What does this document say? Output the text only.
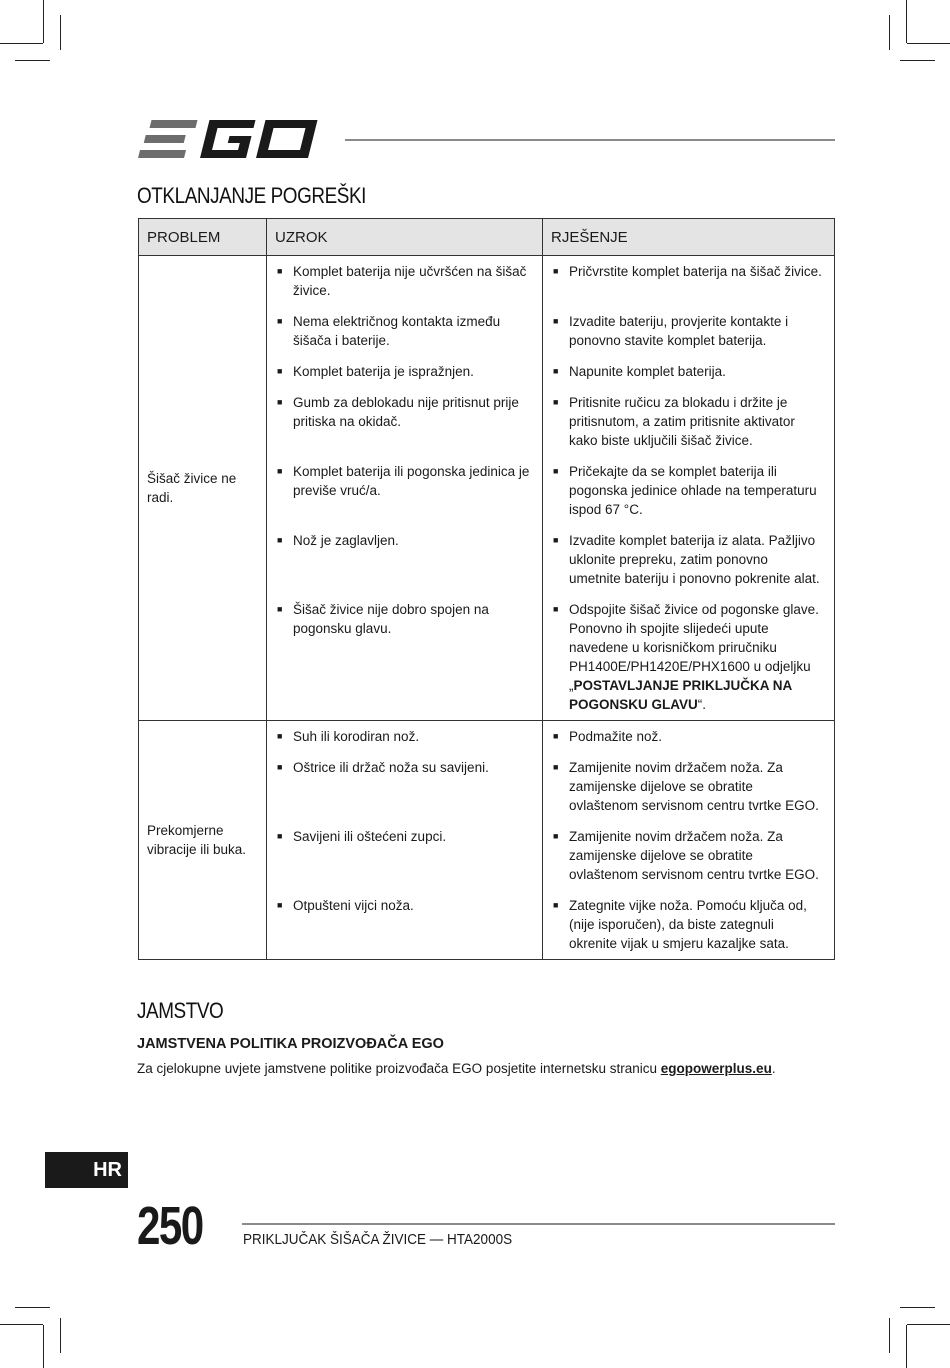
OTKLANJANJE POGREŠKI
PROBLEM	UZROK	RJEŠENJE
Šišač živice ne radi.	■ Komplet baterija nije učvršćen na šišač živice.	■ Pričvrstite komplet baterija na šišač živice.

	■ Nema električnog kontakta između šišača i baterije.	■ Izvadite bateriju, provjerite kontakte i ponovno stavite komplet baterija.

	■ Komplet baterija je ispražnjen.	■ Napunite komplet baterija.

	■ Gumb za deblokadu nije pritisnut prije pritiska na okidač.	■ Pritisnite ručicu za blokadu i držite je pritisnutom, a zatim pritisnite aktivator kako biste uključili šišač živice.

	■ Komplet baterija ili pogonska jedinica je previše vruć/a.	■ Pričekajte da se komplet baterija ili pogonska jedinice ohlade na temperaturu ispod 67 °C.

	■ Nož je zaglavljen.	■ Izvadite komplet baterija iz alata. Pažljivo uklonite prepreku, zatim ponovno umetnite bateriju i ponovno pokrenite alat.

	■ Šišač živice nije dobro spojen na pogonsku glavu.	■ Odspojite šišač živice od pogonske glave. Ponovno ih spojite slijedeći upute navedene u korisničkom priručniku PH1400E/PH1420E/PHX1600 u odjeljku „POSTAVLJANJE PRIKLJUČKA NA POGONSKU GLAVU“.

Prekomjerne vibracije ili buka.	■ Suh ili korodiran nož.	■ Podmažite nož.

	■ Oštrice ili držač noža su savijeni.	■ Zamijenite novim držačem noža. Za zamijenske dijelove se obratite ovlaštenom servisnom centru tvrtke EGO.

	■ Savijeni ili oštećeni zupci.	■ Zamijenite novim držačem noža. Za zamijenske dijelove se obratite ovlaštenom servisnom centru tvrtke EGO.

	■ Otpušteni vijci noža.	■ Zategnite vijke noža. Pomoću ključa od, (nije isporučen), da biste zategnuli okrenite vijak u smjeru kazaljke sata.
JAMSTVO
JAMSTVENA POLITIKA PROIZVOĐAČA EGO

Za cjelokupne uvjete jamstvene politike proizvođača EGO posjetite internetsku stranicu egopowerplus.eu.

HR
250	PRIKLJUČAK ŠIŠAČA ŽIVICE — HTA2000S
